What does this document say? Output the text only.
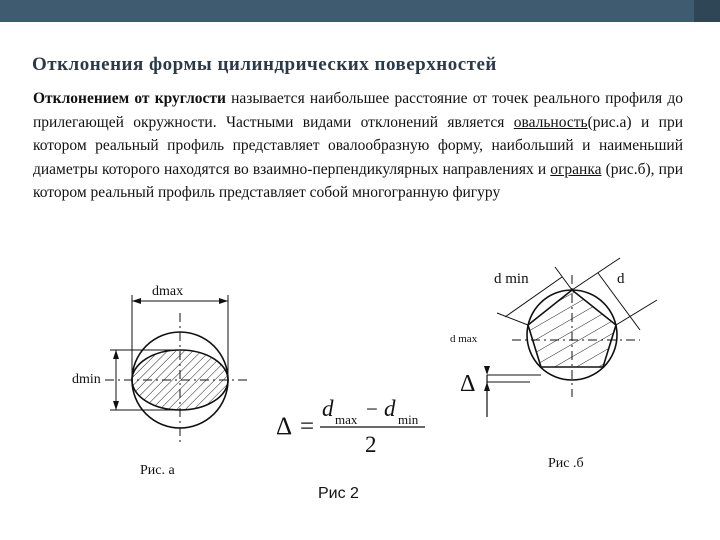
Отклонения формы цилиндрических поверхностей
Отклонением от круглости называется наибольшее расстояние от точек реального профиля до прилегающей окружности. Частными видами отклонений является овальность(рис.а) и при котором реальный профиль представляет овалообразную форму, наибольший и наименьший диаметры которого находятся во взаимно-перпендикулярных направлениях и огранка (рис.б), при котором реальный профиль представляет собой многогранную фигуру
dmax
dmin
Рис. а
d min	d
d max
Δ
Рис .б
Δ =
d max − d min
2
Рис 2
